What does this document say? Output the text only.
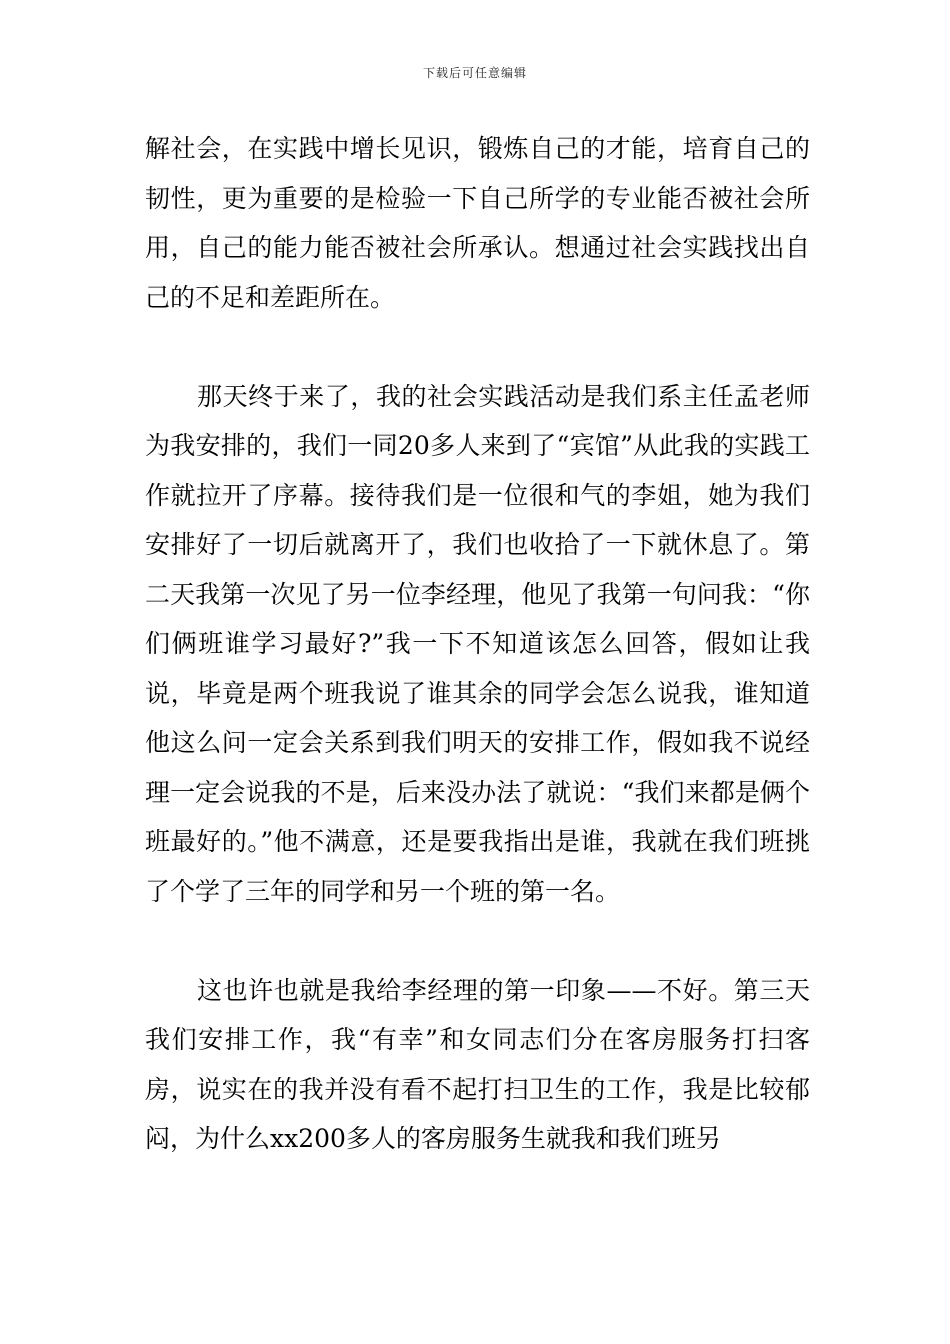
下载后可任意编辑

解社会，在实践中增长见识，锻炼自己的才能，培育自己的韧性，更为重要的是检验一下自己所学的专业能否被社会所用，自己的能力能否被社会所承认。想通过社会实践找出自己的不足和差距所在。

那天终于来了，我的社会实践活动是我们系主任孟老师为我安排的，我们一同20多人来到了“宾馆”从此我的实践工作就拉开了序幕。接待我们是一位很和气的李姐，她为我们安排好了一切后就离开了，我们也收拾了一下就休息了。第二天我第一次见了另一位李经理，他见了我第一句问我：“你们俩班谁学习最好?”我一下不知道该怎么回答，假如让我说，毕竟是两个班我说了谁其余的同学会怎么说我，谁知道他这么问一定会关系到我们明天的安排工作，假如我不说经理一定会说我的不是，后来没办法了就说：“我们来都是俩个班最好的。”他不满意，还是要我指出是谁，我就在我们班挑了个学了三年的同学和另一个班的第一名。

这也许也就是我给李经理的第一印象——不好。第三天我们安排工作，我“有幸”和女同志们分在客房服务打扫客房，说实在的我并没有看不起打扫卫生的工作，我是比较郁闷，为什么xx200多人的客房服务生就我和我们班另
